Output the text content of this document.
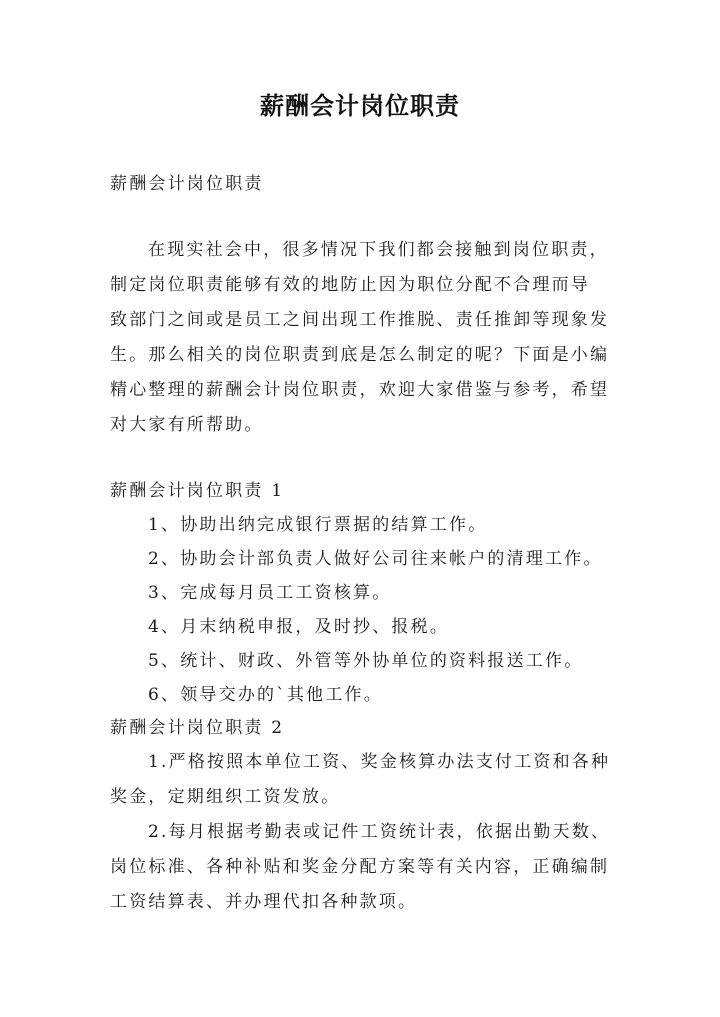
薪酬会计岗位职责
薪酬会计岗位职责
在现实社会中，很多情况下我们都会接触到岗位职责，
制定岗位职责能够有效的地防止因为职位分配不合理而导
致部门之间或是员工之间出现工作推脱、责任推卸等现象发
生。那么相关的岗位职责到底是怎么制定的呢？下面是小编
精心整理的薪酬会计岗位职责，欢迎大家借鉴与参考，希望
对大家有所帮助。
薪酬会计岗位职责 1
1、协助出纳完成银行票据的结算工作。
2、协助会计部负责人做好公司往来帐户的清理工作。
3、完成每月员工工资核算。
4、月末纳税申报，及时抄、报税。
5、统计、财政、外管等外协单位的资料报送工作。
6、领导交办的`其他工作。
薪酬会计岗位职责 2
1.严格按照本单位工资、奖金核算办法支付工资和各种
奖金，定期组织工资发放。
2.每月根据考勤表或记件工资统计表，依据出勤天数、
岗位标准、各种补贴和奖金分配方案等有关内容，正确编制
工资结算表、并办理代扣各种款项。
